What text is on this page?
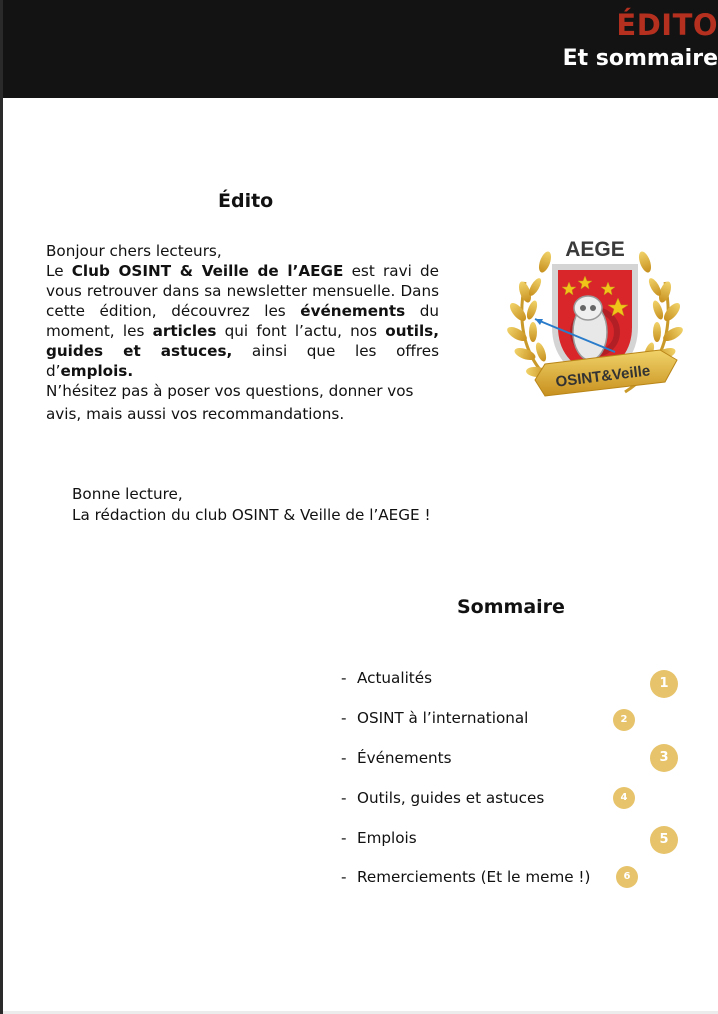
ÉDITO
Et sommaire
Édito
Bonjour chers lecteurs,
Le Club OSINT & Veille de l’AEGE est ravi de vous retrouver dans sa newsletter mensuelle. Dans cette édition, découvrez les événements du moment, les articles qui font l’actu, nos outils, guides et astuces, ainsi que les offres d’emplois.
N’hésitez pas à poser vos questions, donner vos avis, mais aussi vos recommandations.
Bonne lecture,
La rédaction du club OSINT & Veille de l’AEGE !
AEGE
OSINT&Veille
Sommaire
- Actualités
- OSINT à l’international
- Événements
- Outils, guides et astuces
- Emplois
- Remerciements (Et le meme !)
1
2
3
4
5
6
